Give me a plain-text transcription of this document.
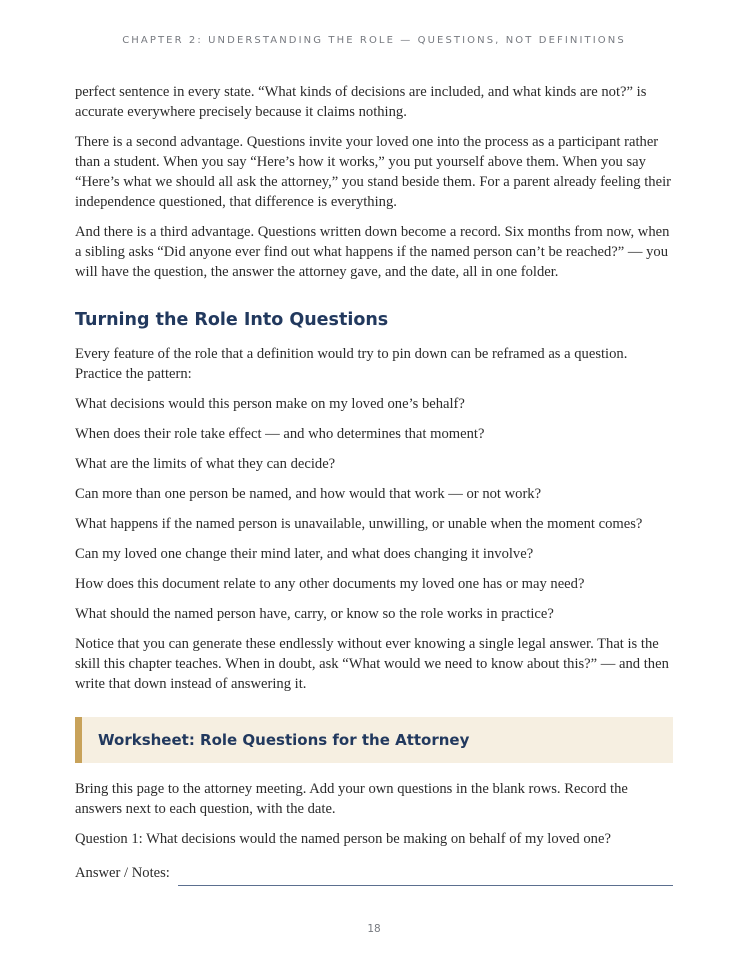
CHAPTER 2: UNDERSTANDING THE ROLE — QUESTIONS, NOT DEFINITIONS

perfect sentence in every state. “What kinds of decisions are included, and what kinds are not?” is accurate everywhere precisely because it claims nothing.

There is a second advantage. Questions invite your loved one into the process as a participant rather than a student. When you say “Here’s how it works,” you put yourself above them. When you say “Here’s what we should all ask the attorney,” you stand beside them. For a parent already feeling their independence questioned, that difference is everything.

And there is a third advantage. Questions written down become a record. Six months from now, when a sibling asks “Did anyone ever find out what happens if the named person can’t be reached?” — you will have the question, the answer the attorney gave, and the date, all in one folder.

Turning the Role Into Questions

Every feature of the role that a definition would try to pin down can be reframed as a question. Practice the pattern:

What decisions would this person make on my loved one’s behalf?

When does their role take effect — and who determines that moment?

What are the limits of what they can decide?

Can more than one person be named, and how would that work — or not work?

What happens if the named person is unavailable, unwilling, or unable when the moment comes?

Can my loved one change their mind later, and what does changing it involve?

How does this document relate to any other documents my loved one has or may need?

What should the named person have, carry, or know so the role works in practice?

Notice that you can generate these endlessly without ever knowing a single legal answer. That is the skill this chapter teaches. When in doubt, ask “What would we need to know about this?” — and then write that down instead of answering it.

Worksheet: Role Questions for the Attorney

Bring this page to the attorney meeting. Add your own questions in the blank rows. Record the answers next to each question, with the date.

Question 1: What decisions would the named person be making on behalf of my loved one?

Answer / Notes:
18
